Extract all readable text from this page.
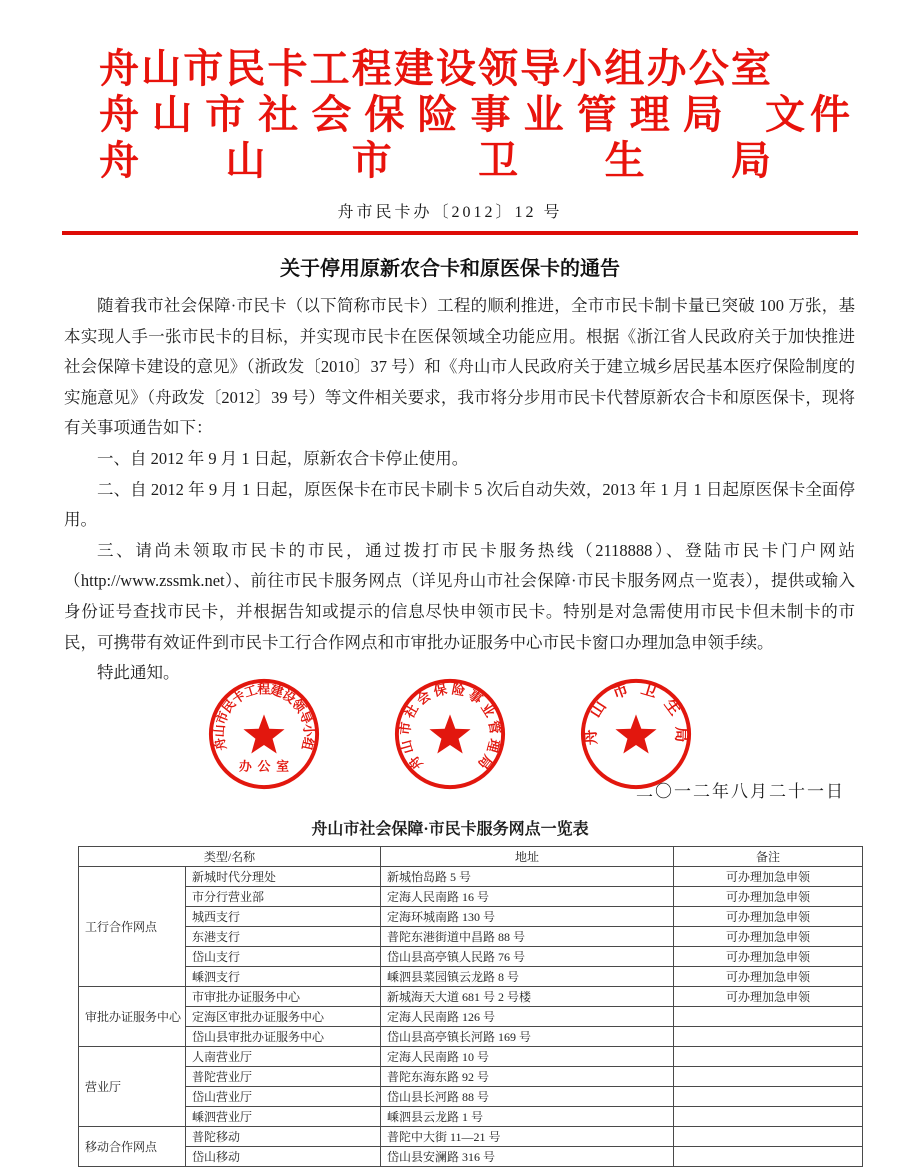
舟 山 市 民 卡 工 程 建 设 领 导 小 组 办 公 室
舟 山 市 社 会 保 险 事 业 管 理 局 文件
舟 山 市 卫 生 局
舟市民卡办〔2012〕12 号
关于停用原新农合卡和原医保卡的通告

随着我市社会保障·市民卡（以下简称市民卡）工程的顺利推进，全市市民卡制卡量已突破 100 万张，基本实现人手一张市民卡的目标，并实现市民卡在医保领域全功能应用。根据《浙江省人民政府关于加快推进社会保障卡建设的意见》（浙政发〔2010〕37 号）和《舟山市人民政府关于建立城乡居民基本医疗保险制度的实施意见》（舟政发〔2012〕39 号）等文件相关要求，我市将分步用市民卡代替原新农合卡和原医保卡，现将有关事项通告如下：

一、自 2012 年 9 月 1 日起，原新农合卡停止使用。

二、自 2012 年 9 月 1 日起，原医保卡在市民卡刷卡 5 次后自动失效，2013 年 1 月 1 日起原医保卡全面停用。

三、请尚未领取市民卡的市民，通过拨打市民卡服务热线（2118888）、登陆市民卡门户网站（http://www.zssmk.net）、前往市民卡服务网点（详见舟山市社会保障·市民卡服务网点一览表），提供或输入身份证号查找市民卡，并根据告知或提示的信息尽快申领市民卡。特别是对急需使用市民卡但未制卡的市民，可携带有效证件到市民卡工行合作网点和市审批办证服务中心市民卡窗口办理加急申领手续。

特此通知。

舟山市民卡工程建设领导小组
办公室	舟山市社会保险事业管理局
舟山市卫生局
二〇一二年八月二十一日
舟山市社会保障·市民卡服务网点一览表
类型/名称		地址	备注
工行合作网点	新城时代分理处	新城怡岛路 5 号	可办理加急申领
	市分行营业部	定海人民南路 16 号	可办理加急申领
	城西支行	定海环城南路 130 号	可办理加急申领
	东港支行	普陀东港街道中昌路 88 号	可办理加急申领
	岱山支行	岱山县高亭镇人民路 76 号	可办理加急申领
	嵊泗支行	嵊泗县菜园镇云龙路 8 号	可办理加急申领
审批办证服务中心	市审批办证服务中心	新城海天大道 681 号 2 号楼	可办理加急申领
	定海区审批办证服务中心	定海人民南路 126 号	
	岱山县审批办证服务中心	岱山县高亭镇长河路 169 号	
营业厅	人南营业厅	定海人民南路 10 号	
	普陀营业厅	普陀东海东路 92 号	
	岱山营业厅	岱山县长河路 88 号	
	嵊泗营业厅	嵊泗县云龙路 1 号	
移动合作网点	普陀移动	普陀中大街 11—21 号	
	岱山移动	岱山县安澜路 316 号	
